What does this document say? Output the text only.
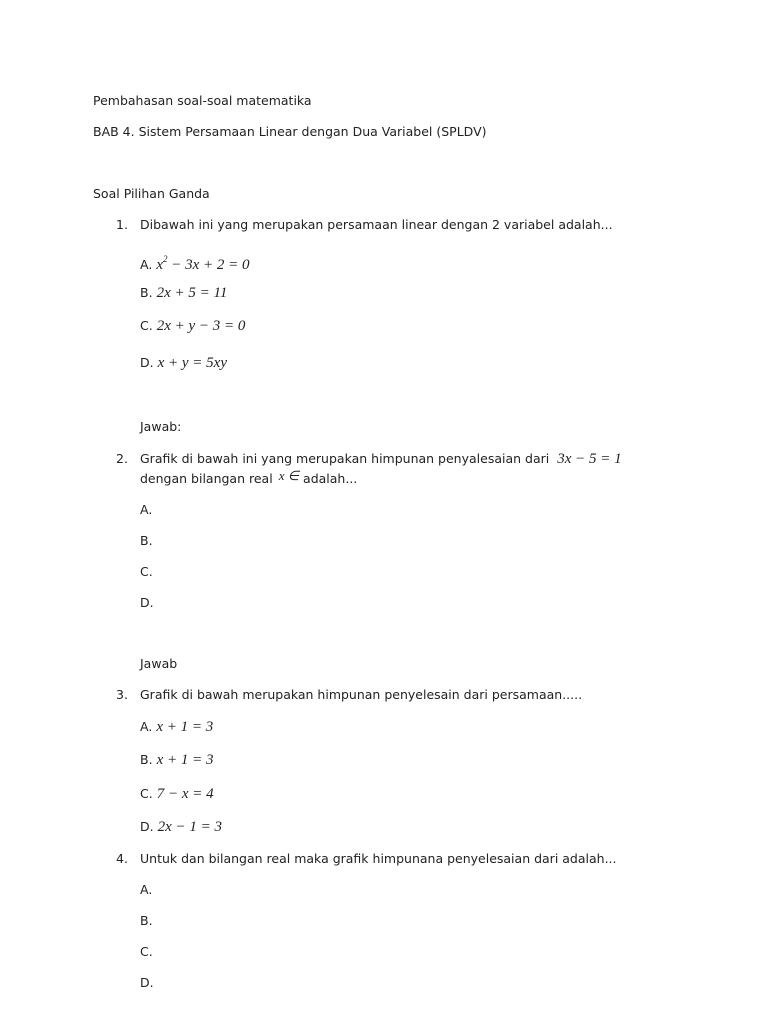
Pembahasan soal-soal matematika
BAB 4. Sistem Persamaan Linear dengan Dua Variabel (SPLDV)
Soal Pilihan Ganda
1. Dibawah ini yang merupakan persamaan linear dengan 2 variabel adalah...
A. $x^2 - 3x + 2 = 0$
B. 2x + 5 = 11
C. 2x + y − 3 = 0
D. x + y = 5xy
Jawab:
2. Grafik di bawah ini yang merupakan himpunan penyalesaian dari 3x − 5 = 1
dengan bilangan real x ∈ adalah...
A.
B.
C.
D.
Jawab
3. Grafik di bawah merupakan himpunan penyelesain dari persamaan.....
A. x + 1 = 3
B. x + 1 = 3
C. 7 − x = 4
D. 2x − 1 = 3
4. Untuk dan bilangan real maka grafik himpunana penyelesaian dari adalah...
A.
B.
C.
D.
